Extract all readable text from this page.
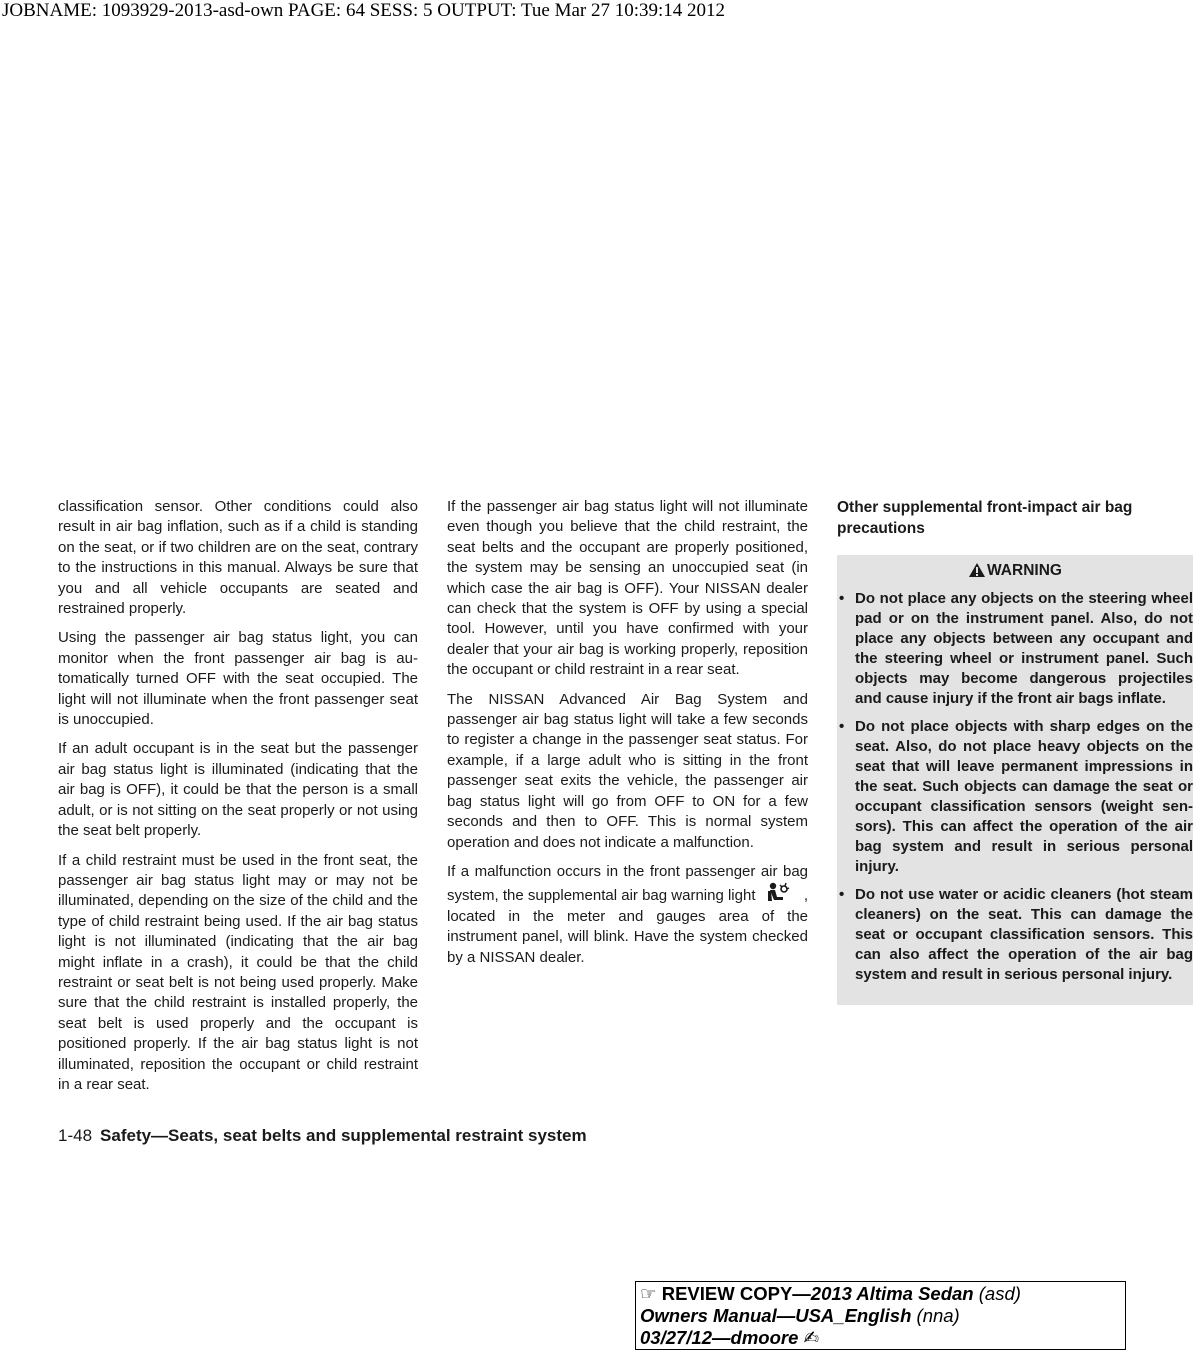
JOBNAME: 1093929-2013-asd-own PAGE: 64 SESS: 5 OUTPUT: Tue Mar 27 10:39:14 2012

classification sensor. Other conditions could also result in air bag inflation, such as if a child is standing on the seat, or if two children are on the seat, contrary to the instructions in this manual. Always be sure that you and all vehicle occupants are seated and restrained properly.

Using the passenger air bag status light, you can monitor when the front passenger air bag is automatically turned OFF with the seat occupied. The light will not illuminate when the front passenger seat is unoccupied.

If an adult occupant is in the seat but the passenger air bag status light is illuminated (indicating that the air bag is OFF), it could be that the person is a small adult, or is not sitting on the seat properly or not using the seat belt properly.

If a child restraint must be used in the front seat, the passenger air bag status light may or may not be illuminated, depending on the size of the child and the type of child restraint being used. If the air bag status light is not illuminated (indicating that the air bag might inflate in a crash), it could be that the child restraint or seat belt is not being used properly. Make sure that the child restraint is installed properly, the seat belt is used properly and the occupant is positioned properly. If the air bag status light is not illuminated, reposition the occupant or child restraint in a rear seat.

If the passenger air bag status light will not illuminate even though you believe that the child restraint, the seat belts and the occupant are properly positioned, the system may be sensing an unoccupied seat (in which case the air bag is OFF). Your NISSAN dealer can check that the system is OFF by using a special tool. However, until you have confirmed with your dealer that your air bag is working properly, reposition the occupant or child restraint in a rear seat.

The NISSAN Advanced Air Bag System and passenger air bag status light will take a few seconds to register a change in the passenger seat status. For example, if a large adult who is sitting in the front passenger seat exits the vehicle, the passenger air bag status light will go from OFF to ON for a few seconds and then to OFF. This is normal system operation and does not indicate a malfunction.

If a malfunction occurs in the front passenger air bag system, the supplemental air bag warning light	, located in the meter and gauges area of the instrument panel, will blink. Have the system checked by a NISSAN dealer.

Other supplemental front-impact air bag precautions
WARNING
• Do not place any objects on the steering wheel pad or on the instrument panel. Also, do not place any objects between any occupant and the steering wheel or instrument panel. Such objects may become dangerous projectiles and cause injury if the front air bags inflate.
• Do not place objects with sharp edges on the seat. Also, do not place heavy objects on the seat that will leave permanent impressions in the seat. Such objects can damage the seat or occupant classification sensors (weight sensors). This can affect the operation of the air bag system and result in serious personal injury.
• Do not use water or acidic cleaners (hot steam cleaners) on the seat. This can damage the seat or occupant classification sensors. This can also affect the operation of the air bag system and result in serious personal injury.
1-48 Safety—Seats, seat belts and supplemental restraint system
☞ REVIEW COPY—2013 Altima Sedan (asd)
Owners Manual—USA_English (nna)
03/27/12—dmoore ✍
